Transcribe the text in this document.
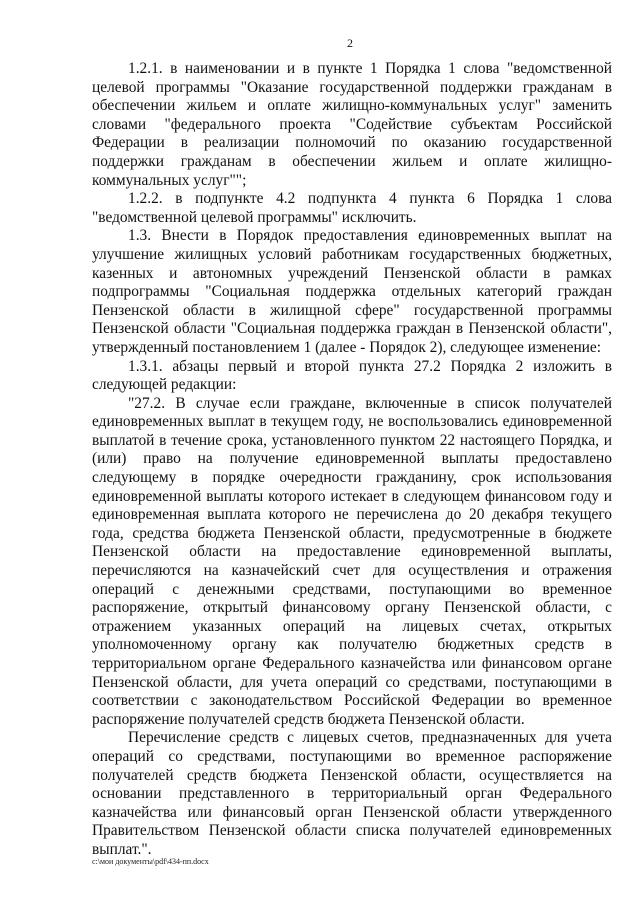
2

1.2.1. в наименовании и в пункте 1 Порядка 1 слова "ведомственной целевой программы "Оказание государственной поддержки гражданам в обеспечении жильем и оплате жилищно-коммунальных услуг" заменить словами "федерального проекта "Содействие субъектам Российской Федерации в реализации полномочий по оказанию государственной поддержки гражданам в обеспечении жильем и оплате жилищно-коммунальных услуг"";

1.2.2. в подпункте 4.2 подпункта 4 пункта 6 Порядка 1 слова "ведомственной целевой программы" исключить.

1.3. Внести в Порядок предоставления единовременных выплат на улучшение жилищных условий работникам государственных бюджетных, казенных и автономных учреждений Пензенской области в рамках подпрограммы "Социальная поддержка отдельных категорий граждан Пензенской области в жилищной сфере" государственной программы Пензенской области "Социальная поддержка граждан в Пензенской области", утвержденный постановлением 1 (далее - Порядок 2), следующее изменение:

1.3.1. абзацы первый и второй пункта 27.2 Порядка 2 изложить в следующей редакции:

"27.2. В случае если граждане, включенные в список получателей единовременных выплат в текущем году, не воспользовались единовременной выплатой в течение срока, установленного пунктом 22 настоящего Порядка, и (или) право на получение единовременной выплаты предоставлено следующему в порядке очередности гражданину, срок использования единовременной выплаты которого истекает в следующем финансовом году и единовременная выплата которого не перечислена до 20 декабря текущего года, средства бюджета Пензенской области, предусмотренные в бюджете Пензенской области на предоставление единовременной выплаты, перечисляются на казначейский счет для осуществления и отражения операций с денежными средствами, поступающими во временное распоряжение, открытый финансовому органу Пензенской области, с отражением указанных операций на лицевых счетах, открытых уполномоченному органу как получателю бюджетных средств в территориальном органе Федерального казначейства или финансовом органе Пензенской области, для учета операций со средствами, поступающими в соответствии с законодательством Российской Федерации во временное распоряжение получателей средств бюджета Пензенской области.

Перечисление средств с лицевых счетов, предназначенных для учета операций со средствами, поступающими во временное распоряжение получателей средств бюджета Пензенской области, осуществляется на основании представленного в территориальный орган Федерального казначейства или финансовый орган Пензенской области утвержденного Правительством Пензенской области списка получателей единовременных выплат.".

c:\мои документы\pdf\434-пп.docx
